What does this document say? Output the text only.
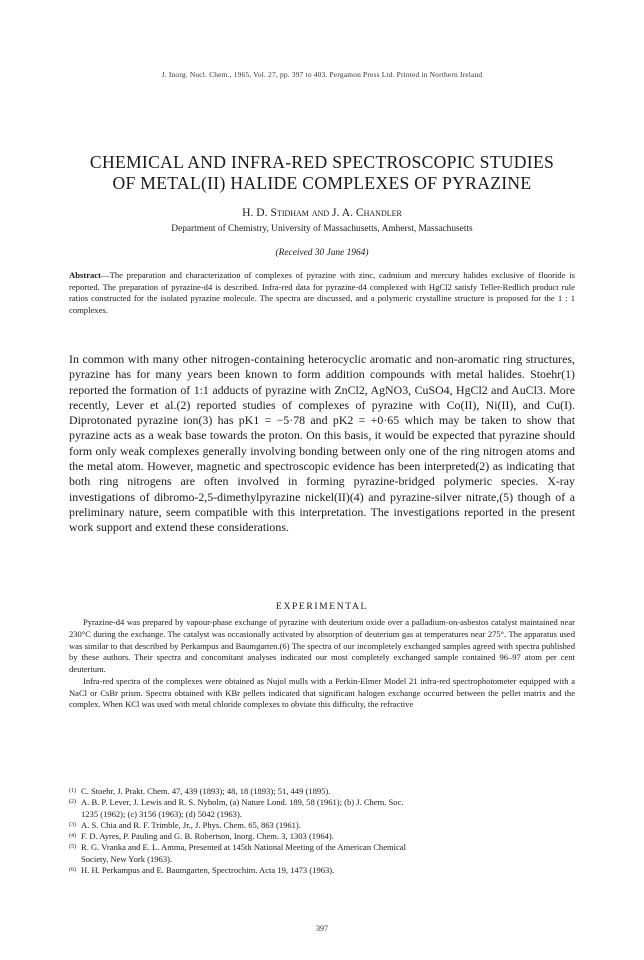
J. Inorg. Nucl. Chem., 1965, Vol. 27, pp. 397 to 403. Pergamon Press Ltd. Printed in Northern Ireland
CHEMICAL AND INFRA-RED SPECTROSCOPIC STUDIES
OF METAL(II) HALIDE COMPLEXES OF PYRAZINE
H. D. Stidham and J. A. Chandler
Department of Chemistry, University of Massachusetts, Amherst, Massachusetts
(Received 30 June 1964)
Abstract—The preparation and characterization of complexes of pyrazine with zinc, cadmium and mercury halides exclusive of fluoride is reported. The preparation of pyrazine-d4 is described. Infra-red data for pyrazine-d4 complexed with HgCl2 satisfy Teller-Redlich product rule ratios constructed for the isolated pyrazine molecule. The spectra are discussed, and a polymeric crystalline structure is proposed for the 1 : 1 complexes.
In common with many other nitrogen-containing heterocyclic aromatic and non-aromatic ring structures, pyrazine has for many years been known to form addition compounds with metal halides. Stoehr(1) reported the formation of 1:1 adducts of pyrazine with ZnCl2, AgNO3, CuSO4, HgCl2 and AuCl3. More recently, Lever et al.(2) reported studies of complexes of pyrazine with Co(II), Ni(II), and Cu(I). Diprotonated pyrazine ion(3) has pK1 = −5·78 and pK2 = +0·65 which may be taken to show that pyrazine acts as a weak base towards the proton. On this basis, it would be expected that pyrazine should form only weak complexes generally involving bonding between only one of the ring nitrogen atoms and the metal atom. However, magnetic and spectroscopic evidence has been interpreted(2) as indicating that both ring nitrogens are often involved in forming pyrazine-bridged polymeric species. X-ray investigations of dibromo-2,5-dimethylpyrazine nickel(II)(4) and pyrazine-silver nitrate,(5) though of a preliminary nature, seem compatible with this interpretation. The investigations reported in the present work support and extend these considerations.
EXPERIMENTAL

Pyrazine-d4 was prepared by vapour-phase exchange of pyrazine with deuterium oxide over a palladium-on-asbestos catalyst maintained near 230°C during the exchange. The catalyst was occasionally activated by absorption of deuterium gas at temperatures near 275°. The apparatus used was similar to that described by Perkampus and Baumgarten.(6) The spectra of our incompletely exchanged samples agreed with spectra published by these authors. Their spectra and concomitant analyses indicated our most completely exchanged sample contained 96–97 atom per cent deuterium.

Infra-red spectra of the complexes were obtained as Nujol mulls with a Perkin-Elmer Model 21 infra-red spectrophotometer equipped with a NaCl or CsBr prism. Spectra obtained with KBr pellets indicated that significant halogen exchange occurred between the pellet matrix and the complex. When KCl was used with metal chloride complexes to obviate this difficulty, the refractive

(1) C. Stoehr, J. Prakt. Chem. 47, 439 (1893); 48, 18 (1893); 51, 449 (1895).
(2) A. B. P. Lever, J. Lewis and R. S. Nyholm, (a) Nature Lond. 189, 58 (1961); (b) J. Chem. Soc.
1235 (1962); (c) 3156 (1963); (d) 5042 (1963).
(3) A. S. Chia and R. F. Trimble, Jr., J. Phys. Chem. 65, 863 (1961).
(4) F. D. Ayres, P. Pauling and G. B. Robertson, Inorg. Chem. 3, 1303 (1964).
(5) R. G. Vranka and E. L. Amma, Presented at 145th National Meeting of the American Chemical
Society, New York (1963).
(6) H. H. Perkampus and E. Baumgarten, Spectrochim. Acta 19, 1473 (1963).
397
